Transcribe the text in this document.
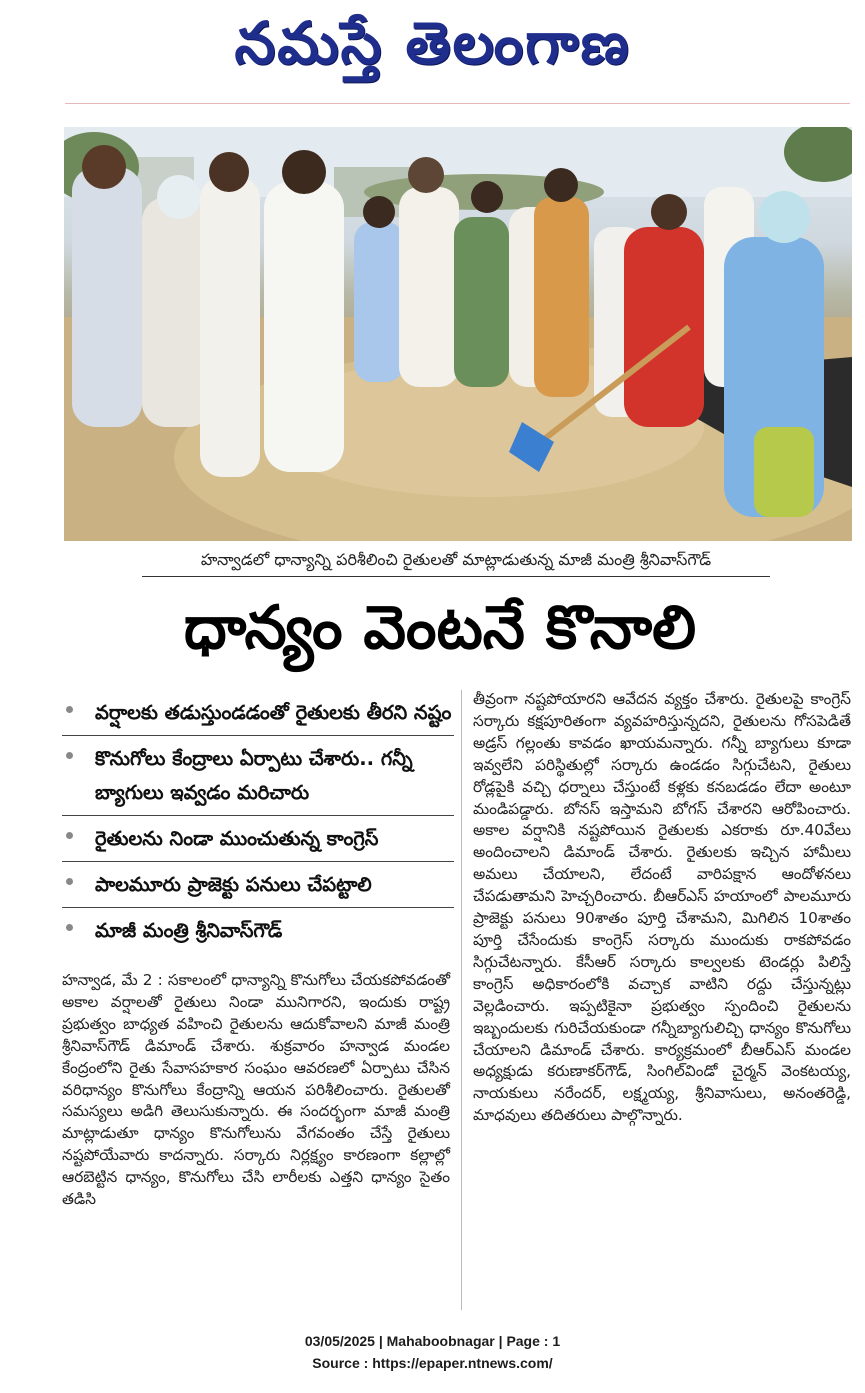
నమస్తే తెలంగాణ
హన్వాడలో ధాన్యాన్ని పరిశీలించి రైతులతో మాట్లాడుతున్న మాజీ మంత్రి శ్రీనివాస్‌గౌడ్
ధాన్యం వెంటనే కొనాలి
వర్షాలకు తడుస్తుండడంతో రైతులకు తీరని నష్టం
కొనుగోలు కేంద్రాలు ఏర్పాటు చేశారు.. గన్నీ బ్యాగులు ఇవ్వడం మరిచారు
రైతులను నిండా ముంచుతున్న కాంగ్రెస్
పాలమూరు ప్రాజెక్టు పనులు చేపట్టాలి
మాజీ మంత్రి శ్రీనివాస్‌గౌడ్
హన్వాడ, మే 2 : సకాలంలో ధాన్యాన్ని కొనుగోలు చేయకపోవడంతో అకాల వర్షాలతో రైతులు నిండా మునిగారని, ఇందుకు రాష్ట్ర ప్రభుత్వం బాధ్యత వహించి రైతులను ఆదుకోవాలని మాజీ మంత్రి శ్రీనివాస్‌గౌడ్ డిమాండ్ చేశారు. శుక్రవారం హన్వాడ మండల కేంద్రంలోని రైతు సేవాసహకార సంఘం ఆవరణలో ఏర్పాటు చేసిన వరిధాన్యం కొనుగోలు కేంద్రాన్ని ఆయన పరిశీలించారు. రైతులతో సమస్యలు అడిగి తెలుసుకున్నారు. ఈ సందర్భంగా మాజీ మంత్రి మాట్లాడుతూ ధాన్యం కొనుగోలును వేగవంతం చేస్తే రైతులు నష్టపోయేవారు కాదన్నారు. సర్కారు నిర్లక్ష్యం కారణంగా కల్లాల్లో ఆరబెట్టిన ధాన్యం, కొనుగోలు చేసి లారీలకు ఎత్తని ధాన్యం సైతం తడిసి
తీవ్రంగా నష్టపోయారని ఆవేదన వ్యక్తం చేశారు. రైతులపై కాంగ్రెస్ సర్కారు కక్షపూరితంగా వ్యవహరిస్తున్నదని, రైతులను గోసపెడితే అడ్రస్ గల్లంతు కావడం ఖాయమన్నారు. గన్నీ బ్యాగులు కూడా ఇవ్వలేని పరిస్థితుల్లో సర్కారు ఉండడం సిగ్గుచేటని, రైతులు రోడ్లపైకి వచ్చి ధర్నాలు చేస్తుంటే కళ్లకు కనబడడం లేదా అంటూ మండిపడ్డారు. బోనస్ ఇస్తామని బోగస్ చేశారని ఆరోపించారు. అకాల వర్షానికి నష్టపోయిన రైతులకు ఎకరాకు రూ.40వేలు అందించాలని డిమాండ్ చేశారు. రైతులకు ఇచ్చిన హామీలు అమలు చేయాలని, లేదంటే వారిపక్షాన ఆందోళనలు చేపడుతామని హెచ్చరించారు. బీఆర్‌ఎస్ హయాంలో పాలమూరు ప్రాజెక్టు పనులు 90శాతం పూర్తి చేశామని, మిగిలిన 10శాతం పూర్తి చేసేందుకు కాంగ్రెస్ సర్కారు ముందుకు రాకపోవడం సిగ్గుచేటన్నారు. కేసీఆర్ సర్కారు కాల్వలకు టెండర్లు పిలిస్తే కాంగ్రెస్ అధికారంలోకి వచ్చాక వాటిని రద్దు చేస్తున్నట్లు వెల్లడించారు. ఇప్పటికైనా ప్రభుత్వం స్పందించి రైతులను ఇబ్బందులకు గురిచేయకుండా గన్నీబ్యాగులిచ్చి ధాన్యం కొనుగోలు చేయాలని డిమాండ్ చేశారు. కార్యక్రమంలో బీఆర్‌ఎస్ మండల అధ్యక్షుడు కరుణాకర్‌గౌడ్, సింగిల్‌విండో చైర్మన్ వెంకటయ్య, నాయకులు నరేందర్, లక్ష్మయ్య, శ్రీనివాసులు, అనంతరెడ్డి, మాధవులు తదితరులు పాల్గొన్నారు.
03/05/2025 | Mahaboobnagar | Page : 1
Source : https://epaper.ntnews.com/
